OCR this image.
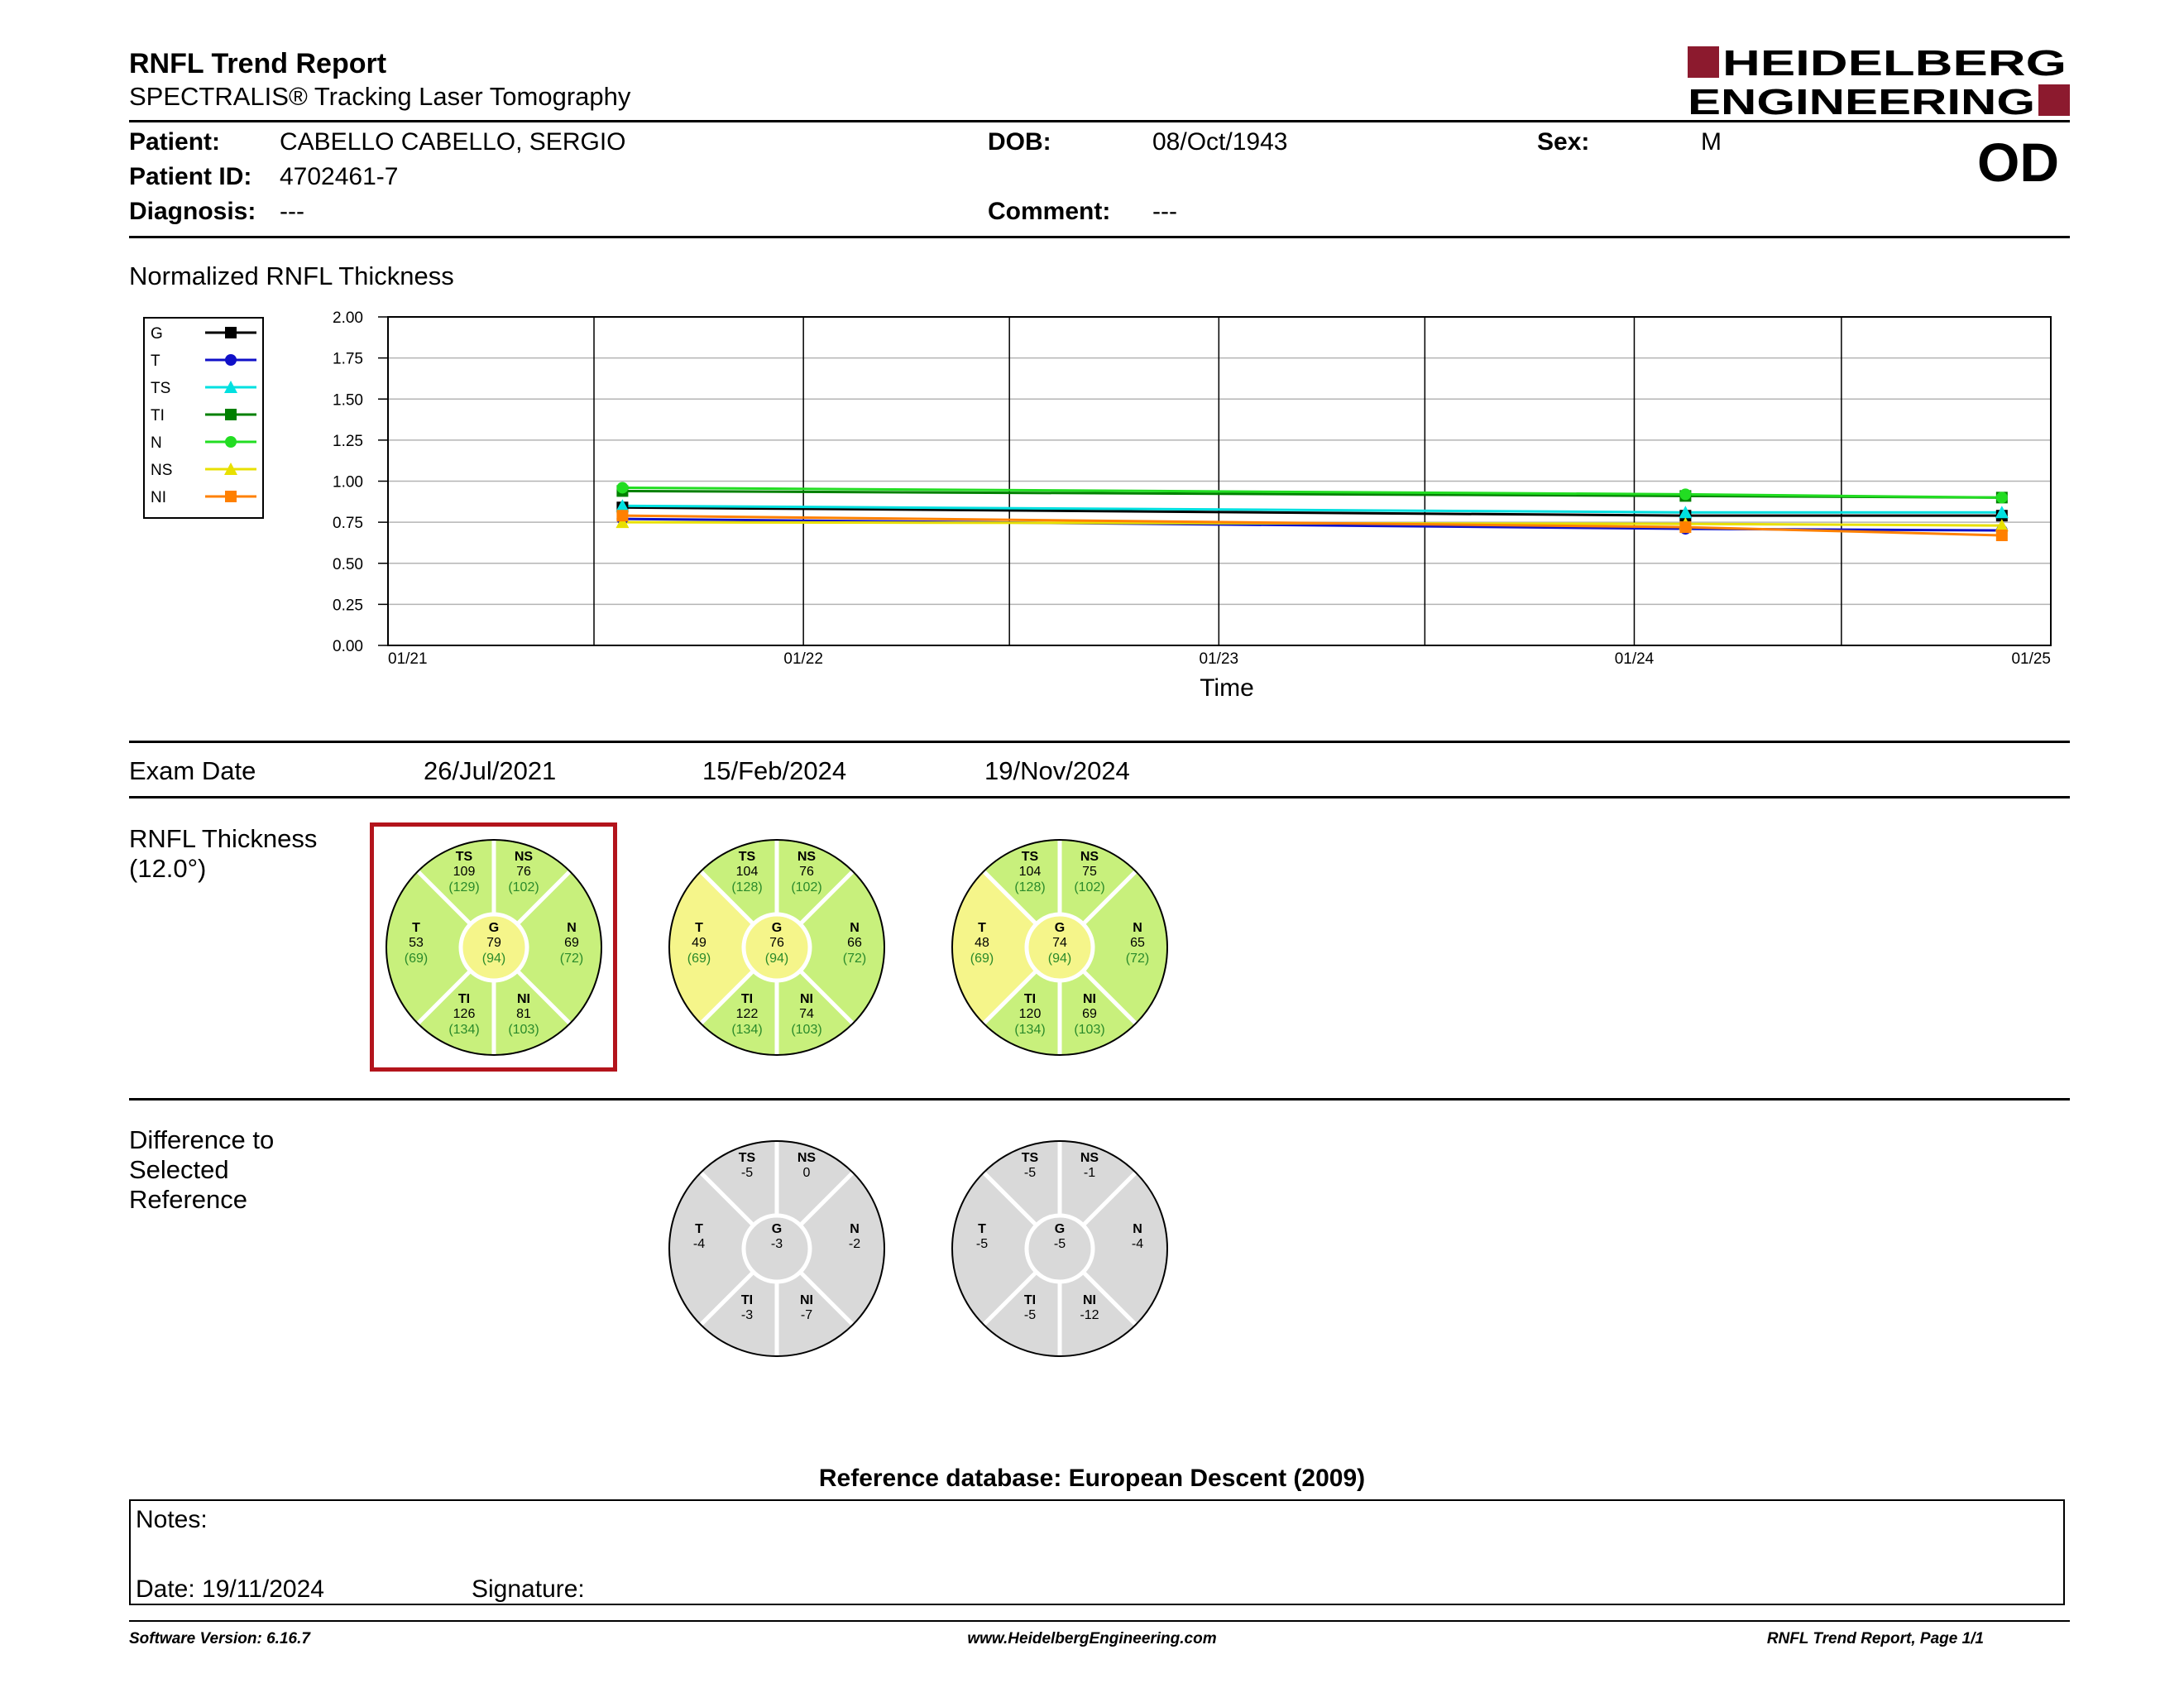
RNFL Trend Report
SPECTRALIS® Tracking Laser Tomography
HEIDELBERG
ENGINEERING
Patient: CABELLO CABELLO, SERGIO
Patient ID: 4702461-7
Diagnosis: ---
DOB:	08/Oct/1943
Comment: ---
Sex:	M	OD
Normalized RNFL Thickness
G
T
TS
TI
N
NS
NI
0.00
0.25
0.50
0.75
1.00
1.25
1.50
1.75
2.00
01/21	01/22	01/23	01/24	01/25
Time
Exam Date	26/Jul/2021	15/Feb/2024	19/Nov/2024
RNFL Thickness
(12.0°)	TS
109
(129)
NS
76
(102)
T
53
(69)
G
79
(94)
N
69
(72)
TI
126
(134)
NI
81
(103)
TS
104
(128)
NS
76
(102)
T
49
(69)
G
76
(94)
N
66
(72)
TI
122
(134)
NI
74
(103)
TS
104
(128)
NS
75
(102)
T
48
(69)
G
74
(94)
N
65
(72)
TI
120
(134)
NI
69
(103)
Difference to
Selected
Reference
TS
-5
NS
0
T
-4
G
-3
N
-2
TI
-3
NI
-7
TS
-5
NS
-1
T
-5
G
-5
N
-4
TI
-5
NI
-12
Reference database: European Descent (2009)
Notes:
Date: 19/11/2024	Signature:
Software Version: 6.16.7	www.HeidelbergEngineering.com	RNFL Trend Report, Page 1/1
